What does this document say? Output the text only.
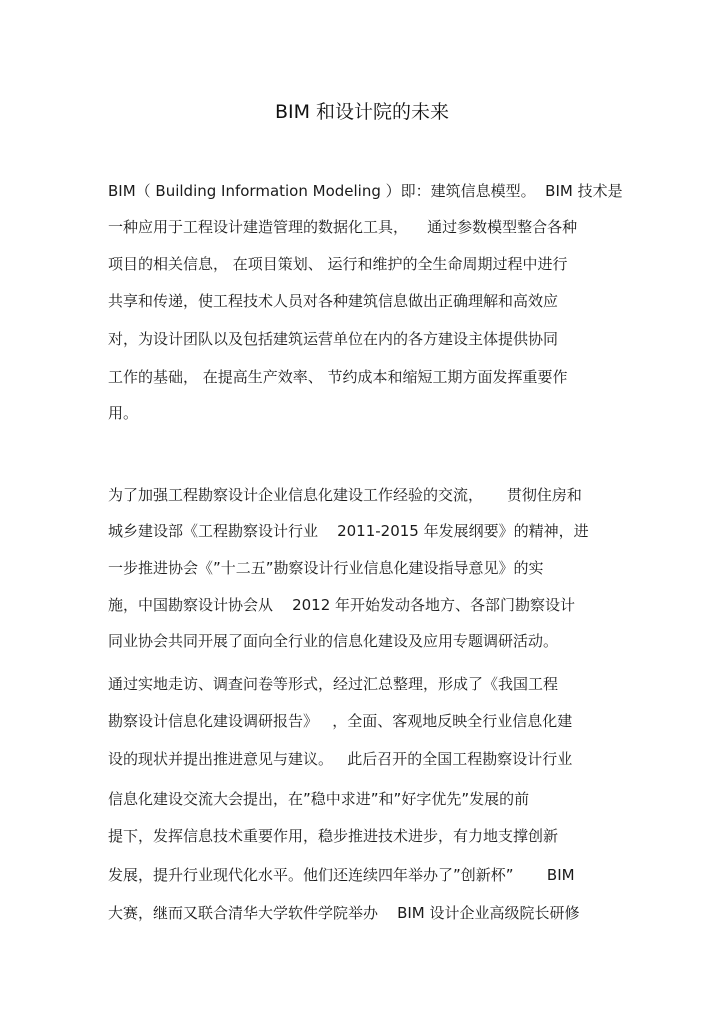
BIM 和设计院的未来
BIM（ Building Information Modeling ）即：建筑信息模型。  BIM 技术是
一种应用于工程设计建造管理的数据化工具，    通过参数模型整合各种
项目的相关信息， 在项目策划、 运行和维护的全生命周期过程中进行
共享和传递，使工程技术人员对各种建筑信息做出正确理解和高效应
对，为设计团队以及包括建筑运营单位在内的各方建设主体提供协同
工作的基础， 在提高生产效率、 节约成本和缩短工期方面发挥重要作
用。
为了加强工程勘察设计企业信息化建设工作经验的交流，     贯彻住房和
城乡建设部《工程勘察设计行业    2011-2015 年发展纲要》的精神，进
一步推进协会《”十二五”勘察设计行业信息化建设指导意见》的实
施，中国勘察设计协会从    2012 年开始发动各地方、各部门勘察设计
同业协会共同开展了面向全行业的信息化建设及应用专题调研活动。
通过实地走访、调查问卷等形式，经过汇总整理，形成了《我国工程
勘察设计信息化建设调研报告》   ，全面、客观地反映全行业信息化建
设的现状并提出推进意见与建议。   此后召开的全国工程勘察设计行业
信息化建设交流大会提出，在”稳中求进”和”好字优先”发展的前
提下，发挥信息技术重要作用，稳步推进技术进步，有力地支撑创新
发展，提升行业现代化水平。他们还连续四年举办了”创新杯”       BIM
大赛，继而又联合清华大学软件学院举办    BIM 设计企业高级院长研修
